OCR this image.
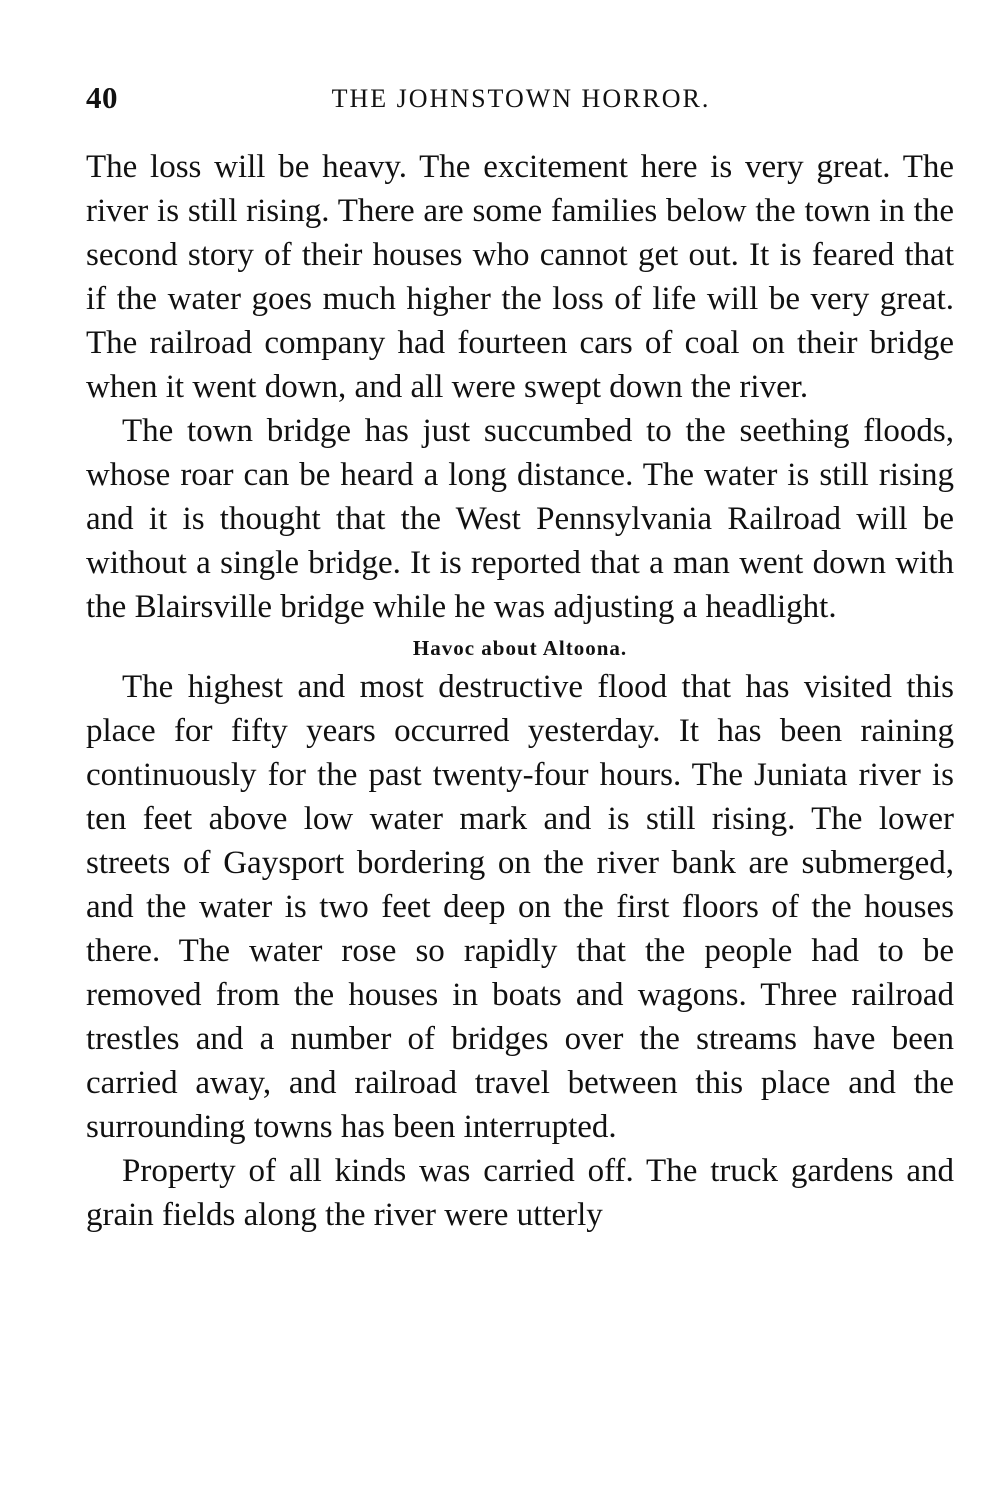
40	THE JOHNSTOWN HORROR.

The loss will be heavy. The excitement here is very great. The river is still rising. There are some families below the town in the second story of their houses who cannot get out. It is feared that if the water goes much higher the loss of life will be very great. The railroad company had fourteen cars of coal on their bridge when it went down, and all were swept down the river.

The town bridge has just succumbed to the seething floods, whose roar can be heard a long distance. The water is still rising and it is thought that the West Pennsylvania Railroad will be without a single bridge. It is reported that a man went down with the Blairsville bridge while he was adjusting a headlight.

Havoc about Altoona.

The highest and most destructive flood that has visited this place for fifty years occurred yesterday. It has been raining continuously for the past twenty-four hours. The Juniata river is ten feet above low water mark and is still rising. The lower streets of Gaysport bordering on the river bank are submerged, and the water is two feet deep on the first floors of the houses there. The water rose so rapidly that the people had to be removed from the houses in boats and wagons. Three railroad trestles and a number of bridges over the streams have been carried away, and railroad travel between this place and the surrounding towns has been interrupted.

Property of all kinds was carried off. The truck gardens and grain fields along the river were utterly
